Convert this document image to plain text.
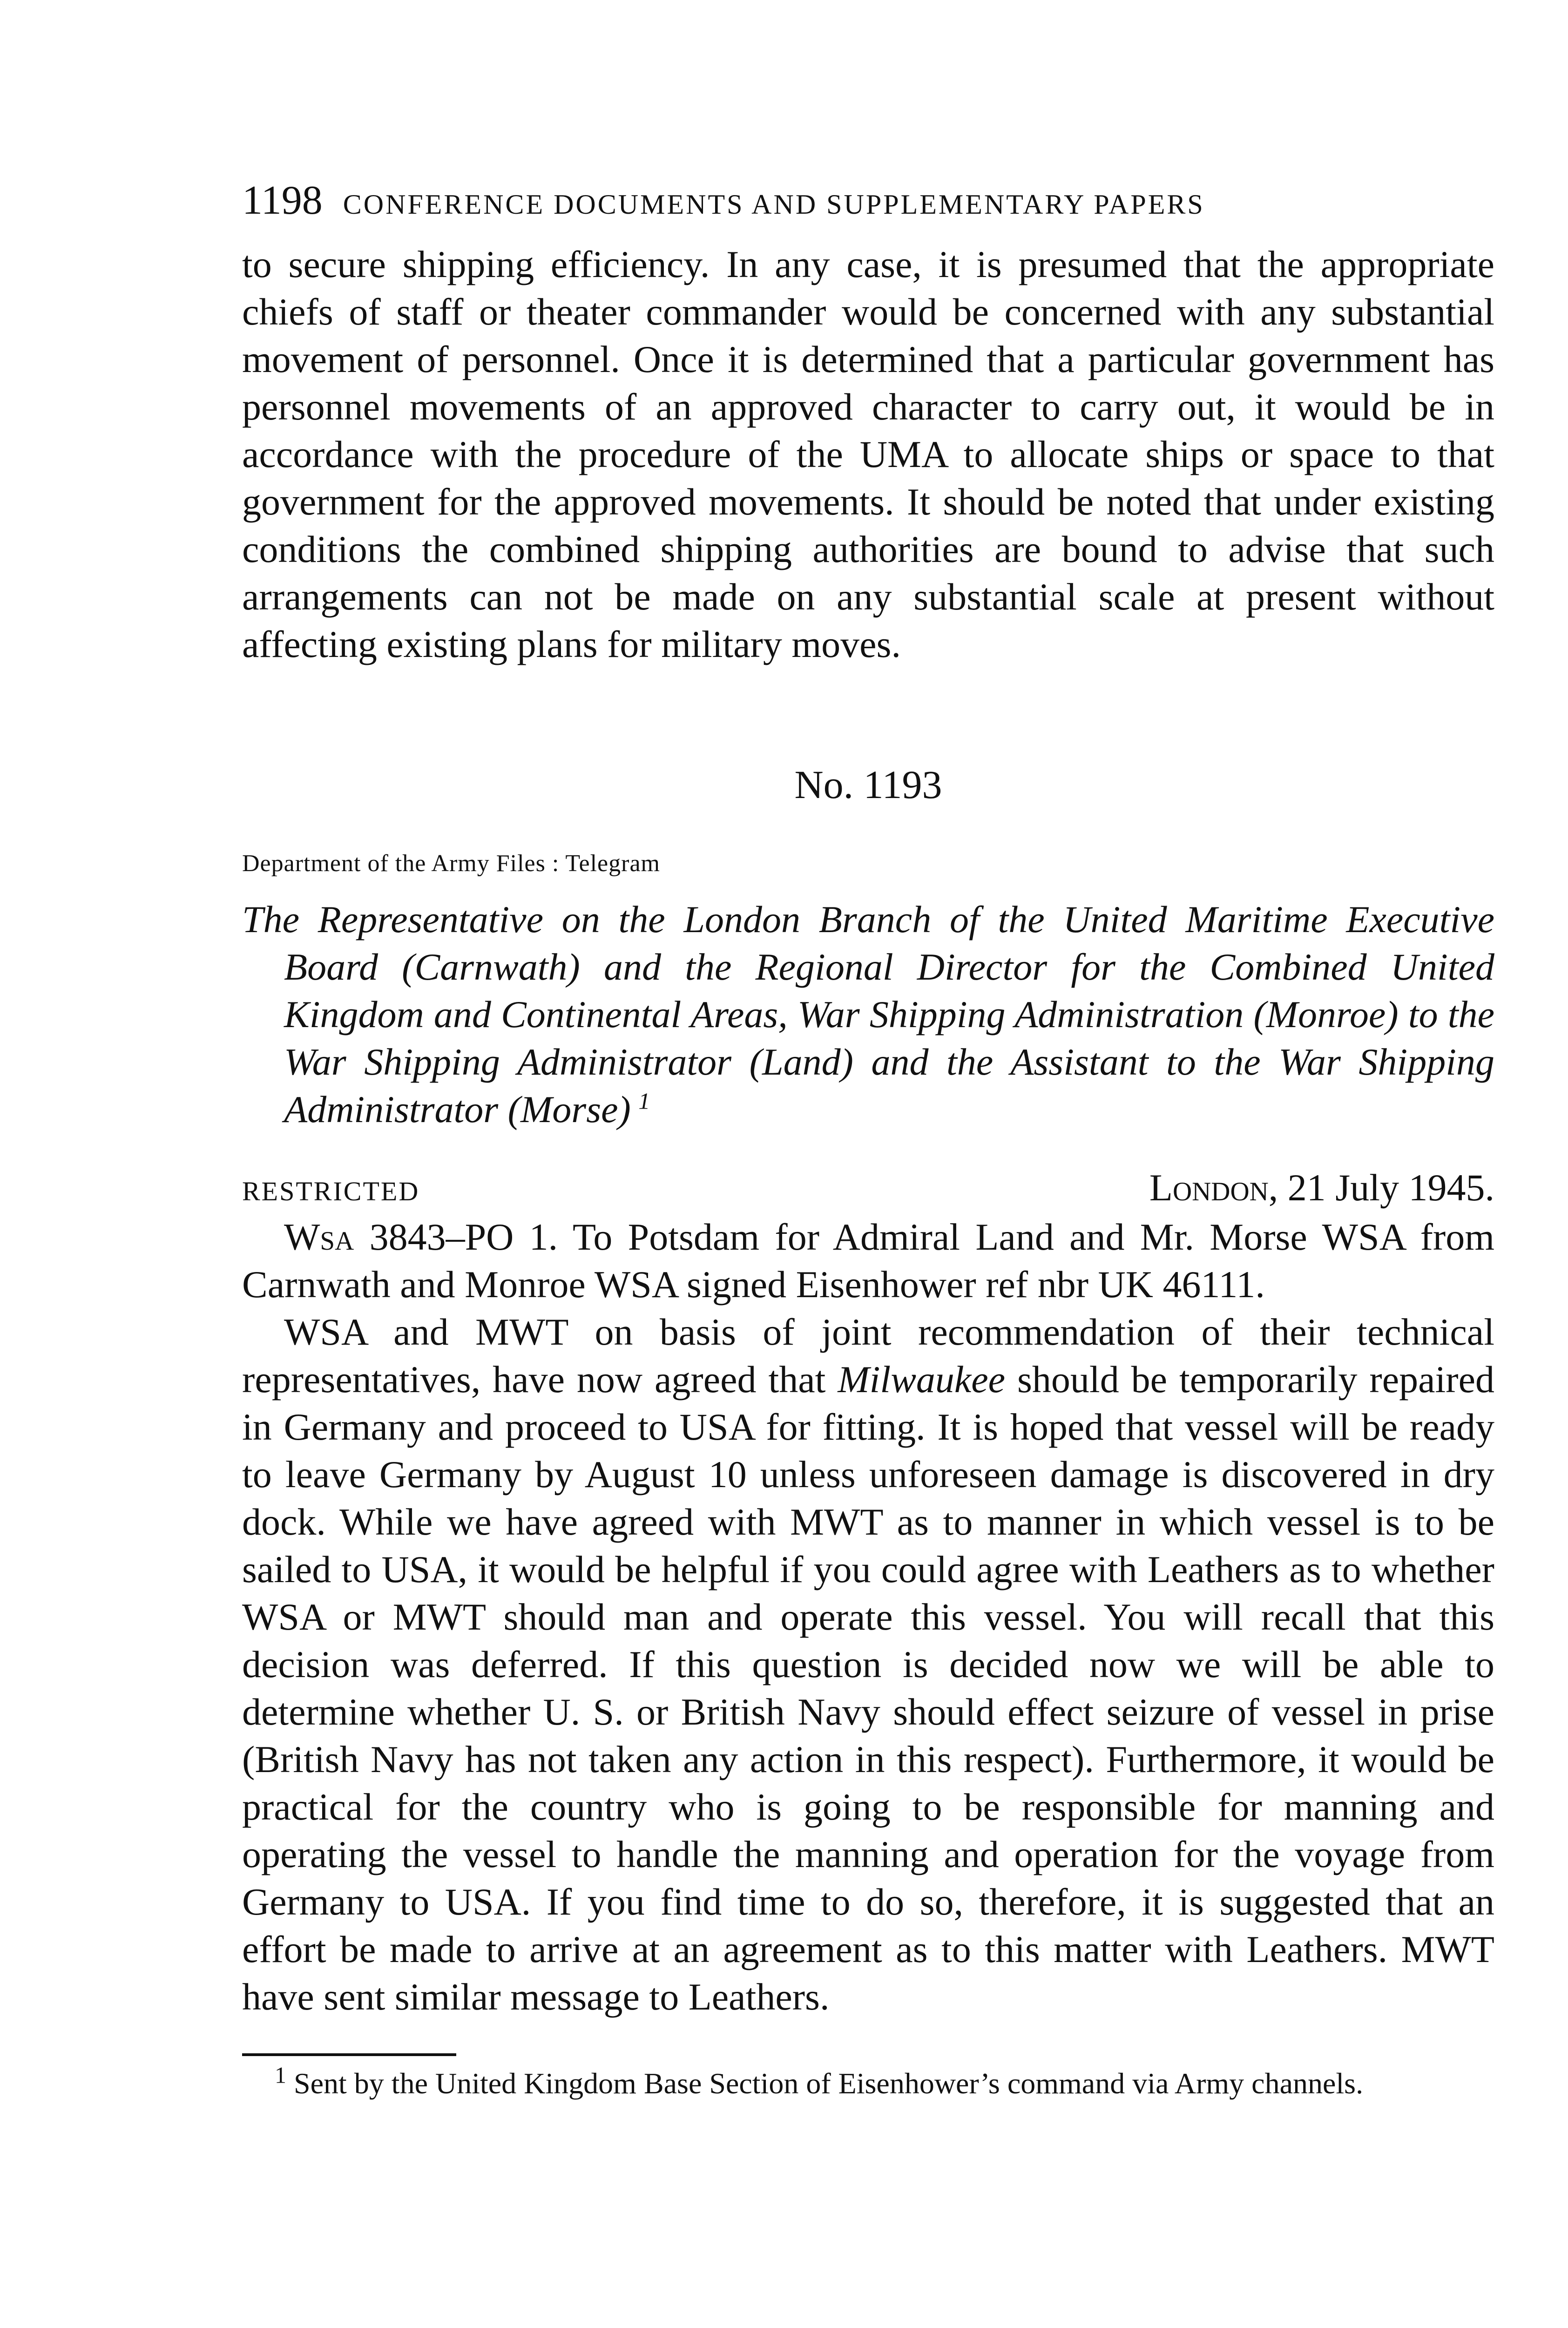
1198 CONFERENCE DOCUMENTS AND SUPPLEMENTARY PAPERS

to secure shipping efficiency. In any case, it is presumed that the appropriate chiefs of staff or theater commander would be concerned with any substantial movement of personnel. Once it is determined that a particular government has personnel movements of an approved character to carry out, it would be in accordance with the procedure of the UMA to allocate ships or space to that government for the approved movements. It should be noted that under existing conditions the combined shipping authorities are bound to advise that such arrangements can not be made on any substantial scale at present without affecting existing plans for military moves.

No. 1193
Department of the Army Files : Telegram

The Representative on the London Branch of the United Maritime Executive Board (Carnwath) and the Regional Director for the Combined United Kingdom and Continental Areas, War Shipping Administration (Monroe) to the War Shipping Administrator (Land) and the Assistant to the War Shipping Administrator (Morse)  $^1$

RESTRICTED	London, 21 July 1945.

Wsa 3843–PO 1. To Potsdam for Admiral Land and Mr. Morse WSA from Carnwath and Monroe WSA signed Eisenhower ref nbr UK 46111.

WSA and MWT on basis of joint recommendation of their technical representatives, have now agreed that Milwaukee should be temporarily repaired in Germany and proceed to USA for fitting. It is hoped that vessel will be ready to leave Germany by August 10 unless unforeseen damage is discovered in dry dock. While we have agreed with MWT as to manner in which vessel is to be sailed to USA, it would be helpful if you could agree with Leathers as to whether WSA or MWT should man and operate this vessel. You will recall that this decision was deferred. If this question is decided now we will be able to determine whether U. S. or British Navy should effect seizure of vessel in prise (British Navy has not taken any action in this respect). Furthermore, it would be practical for the country who is going to be responsible for manning and operating the vessel to handle the manning and operation for the voyage from Germany to USA. If you find time to do so, therefore, it is suggested that an effort be made to arrive at an agreement as to this matter with Leathers. MWT have sent similar message to Leathers.

$^1$ Sent by the United Kingdom Base Section of Eisenhower’s command via Army channels.
